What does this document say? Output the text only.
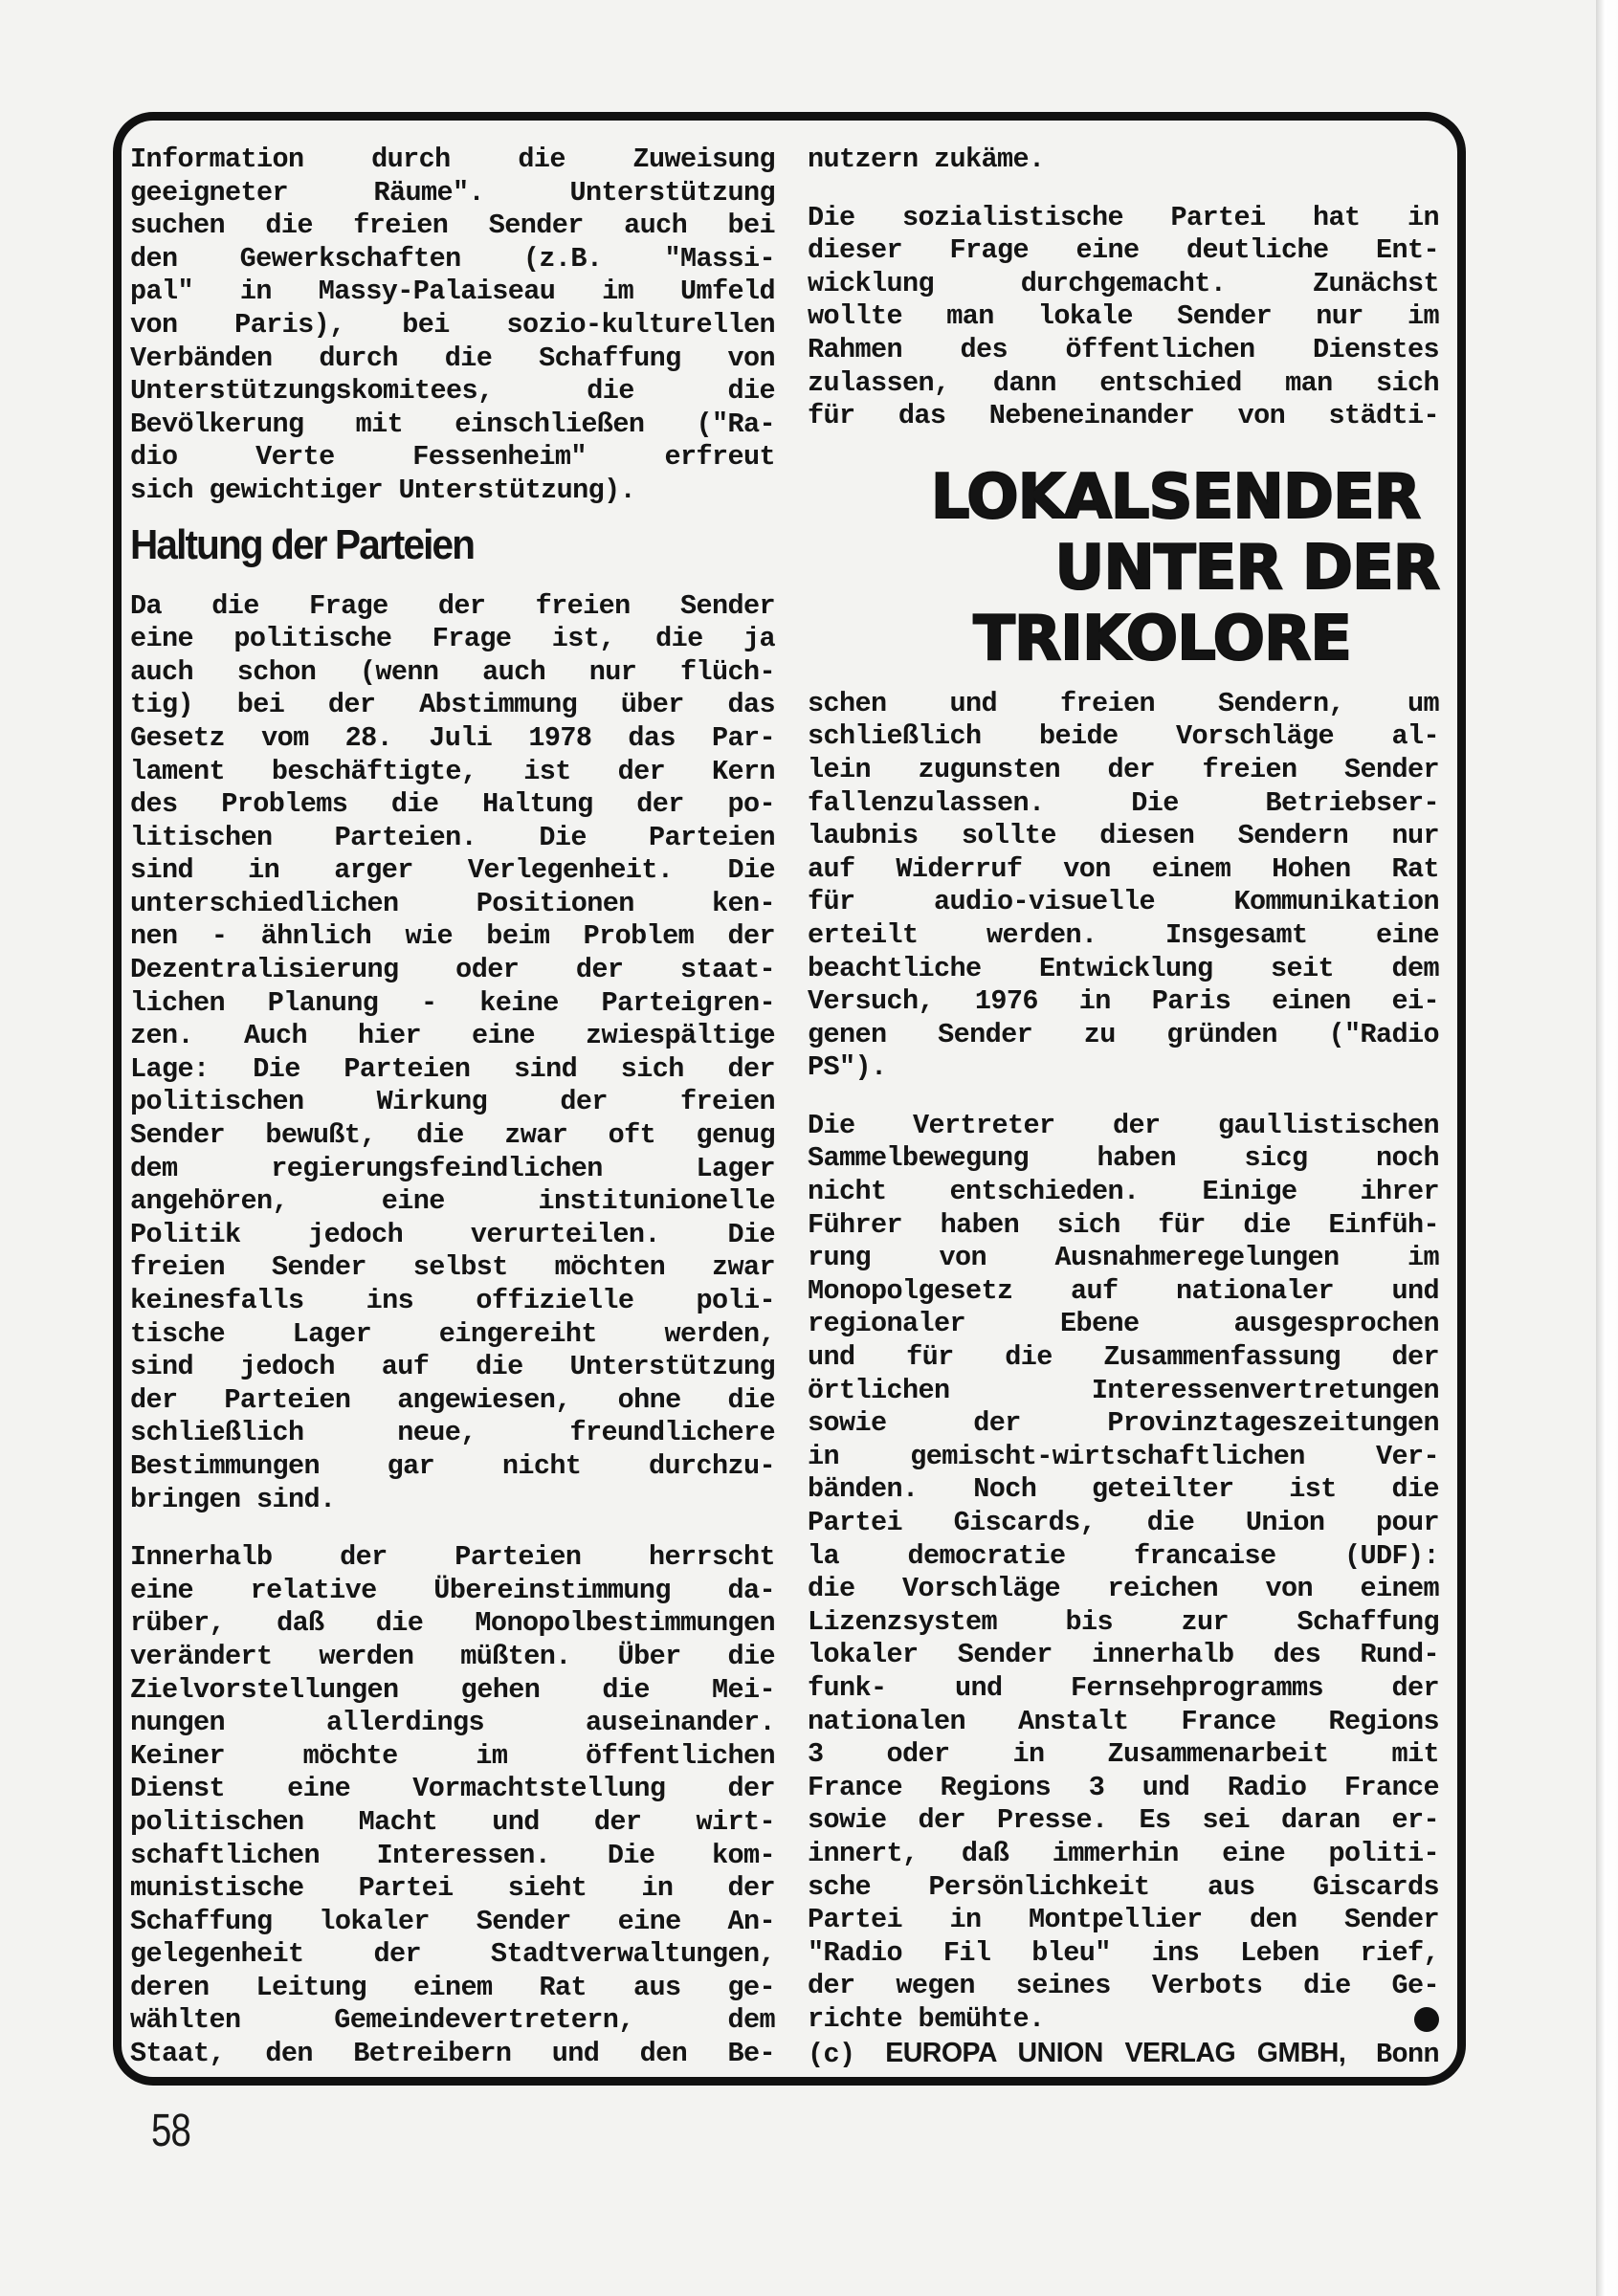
Information durch die Zuweisung
geeigneter Räume". Unterstützung
suchen die freien Sender auch bei
den Gewerkschaften (z.B. "Massi-
pal" in Massy-Palaiseau im Umfeld
von Paris), bei sozio-kulturellen
Verbänden durch die Schaffung von
Unterstützungskomitees, die die
Bevölkerung mit einschließen ("Ra-
dio Verte Fessenheim" erfreut
sich gewichtiger Unterstützung).
Haltung der Parteien
Da die Frage der freien Sender
eine politische Frage ist, die ja
auch schon (wenn auch nur flüch-
tig) bei der Abstimmung über das
Gesetz vom 28. Juli 1978 das Par-
lament beschäftigte, ist der Kern
des Problems die Haltung der po-
litischen Parteien. Die Parteien
sind in arger Verlegenheit. Die
unterschiedlichen Positionen ken-
nen - ähnlich wie beim Problem der
Dezentralisierung oder der staat-
lichen Planung - keine Parteigren-
zen. Auch hier eine zwiespältige
Lage: Die Parteien sind sich der
politischen Wirkung der freien
Sender bewußt, die zwar oft genug
dem regierungsfeindlichen Lager
angehören, eine institunionelle
Politik jedoch verurteilen. Die
freien Sender selbst möchten zwar
keinesfalls ins offizielle poli-
tische Lager eingereiht werden,
sind jedoch auf die Unterstützung
der Parteien angewiesen, ohne die
schließlich neue, freundlichere
Bestimmungen gar nicht durchzu-
bringen sind.
Innerhalb der Parteien herrscht
eine relative Übereinstimmung da-
rüber, daß die Monopolbestimmungen
verändert werden müßten. Über die
Zielvorstellungen gehen die Mei-
nungen allerdings auseinander.
Keiner möchte im öffentlichen
Dienst eine Vormachtstellung der
politischen Macht und der wirt-
schaftlichen Interessen. Die kom-
munistische Partei sieht in der
Schaffung lokaler Sender eine An-
gelegenheit der Stadtverwaltungen,
deren Leitung einem Rat aus ge-
wählten Gemeindevertretern, dem
Staat, den Betreibern und den Be-
nutzern zukäme.
Die sozialistische Partei hat in
dieser Frage eine deutliche Ent-
wicklung durchgemacht. Zunächst
wollte man lokale Sender nur im
Rahmen des öffentlichen Dienstes
zulassen, dann entschied man sich
für das Nebeneinander von städti-
LOKALSENDER
UNTER DER
TRIKOLORE
schen und freien Sendern, um
schließlich beide Vorschläge al-
lein zugunsten der freien Sender
fallenzulassen. Die Betriebser-
laubnis sollte diesen Sendern nur
auf Widerruf von einem Hohen Rat
für audio-visuelle Kommunikation
erteilt werden. Insgesamt eine
beachtliche Entwicklung seit dem
Versuch, 1976 in Paris einen ei-
genen Sender zu gründen ("Radio
PS").
Die Vertreter der gaullistischen
Sammelbewegung haben sicg noch
nicht entschieden. Einige ihrer
Führer haben sich für die Einfüh-
rung von Ausnahmeregelungen im
Monopolgesetz auf nationaler und
regionaler Ebene ausgesprochen
und für die Zusammenfassung der
örtlichen Interessenvertretungen
sowie der Provinztageszeitungen
in gemischt-wirtschaftlichen Ver-
bänden. Noch geteilter ist die
Partei Giscards, die Union pour
la democratie francaise (UDF):
die Vorschläge reichen von einem
Lizenzsystem bis zur Schaffung
lokaler Sender innerhalb des Rund-
funk- und Fernsehprogramms der
nationalen Anstalt France Regions
3 oder in Zusammenarbeit mit
France Regions 3 und Radio France
sowie der Presse. Es sei daran er-
innert, daß immerhin eine politi-
sche Persönlichkeit aus Giscards
Partei in Montpellier den Sender
"Radio Fil bleu" ins Leben rief,
der wegen seines Verbots die Ge-
richte bemühte.
(c) EUROPA UNION VERLAG GMBH, Bonn
58
